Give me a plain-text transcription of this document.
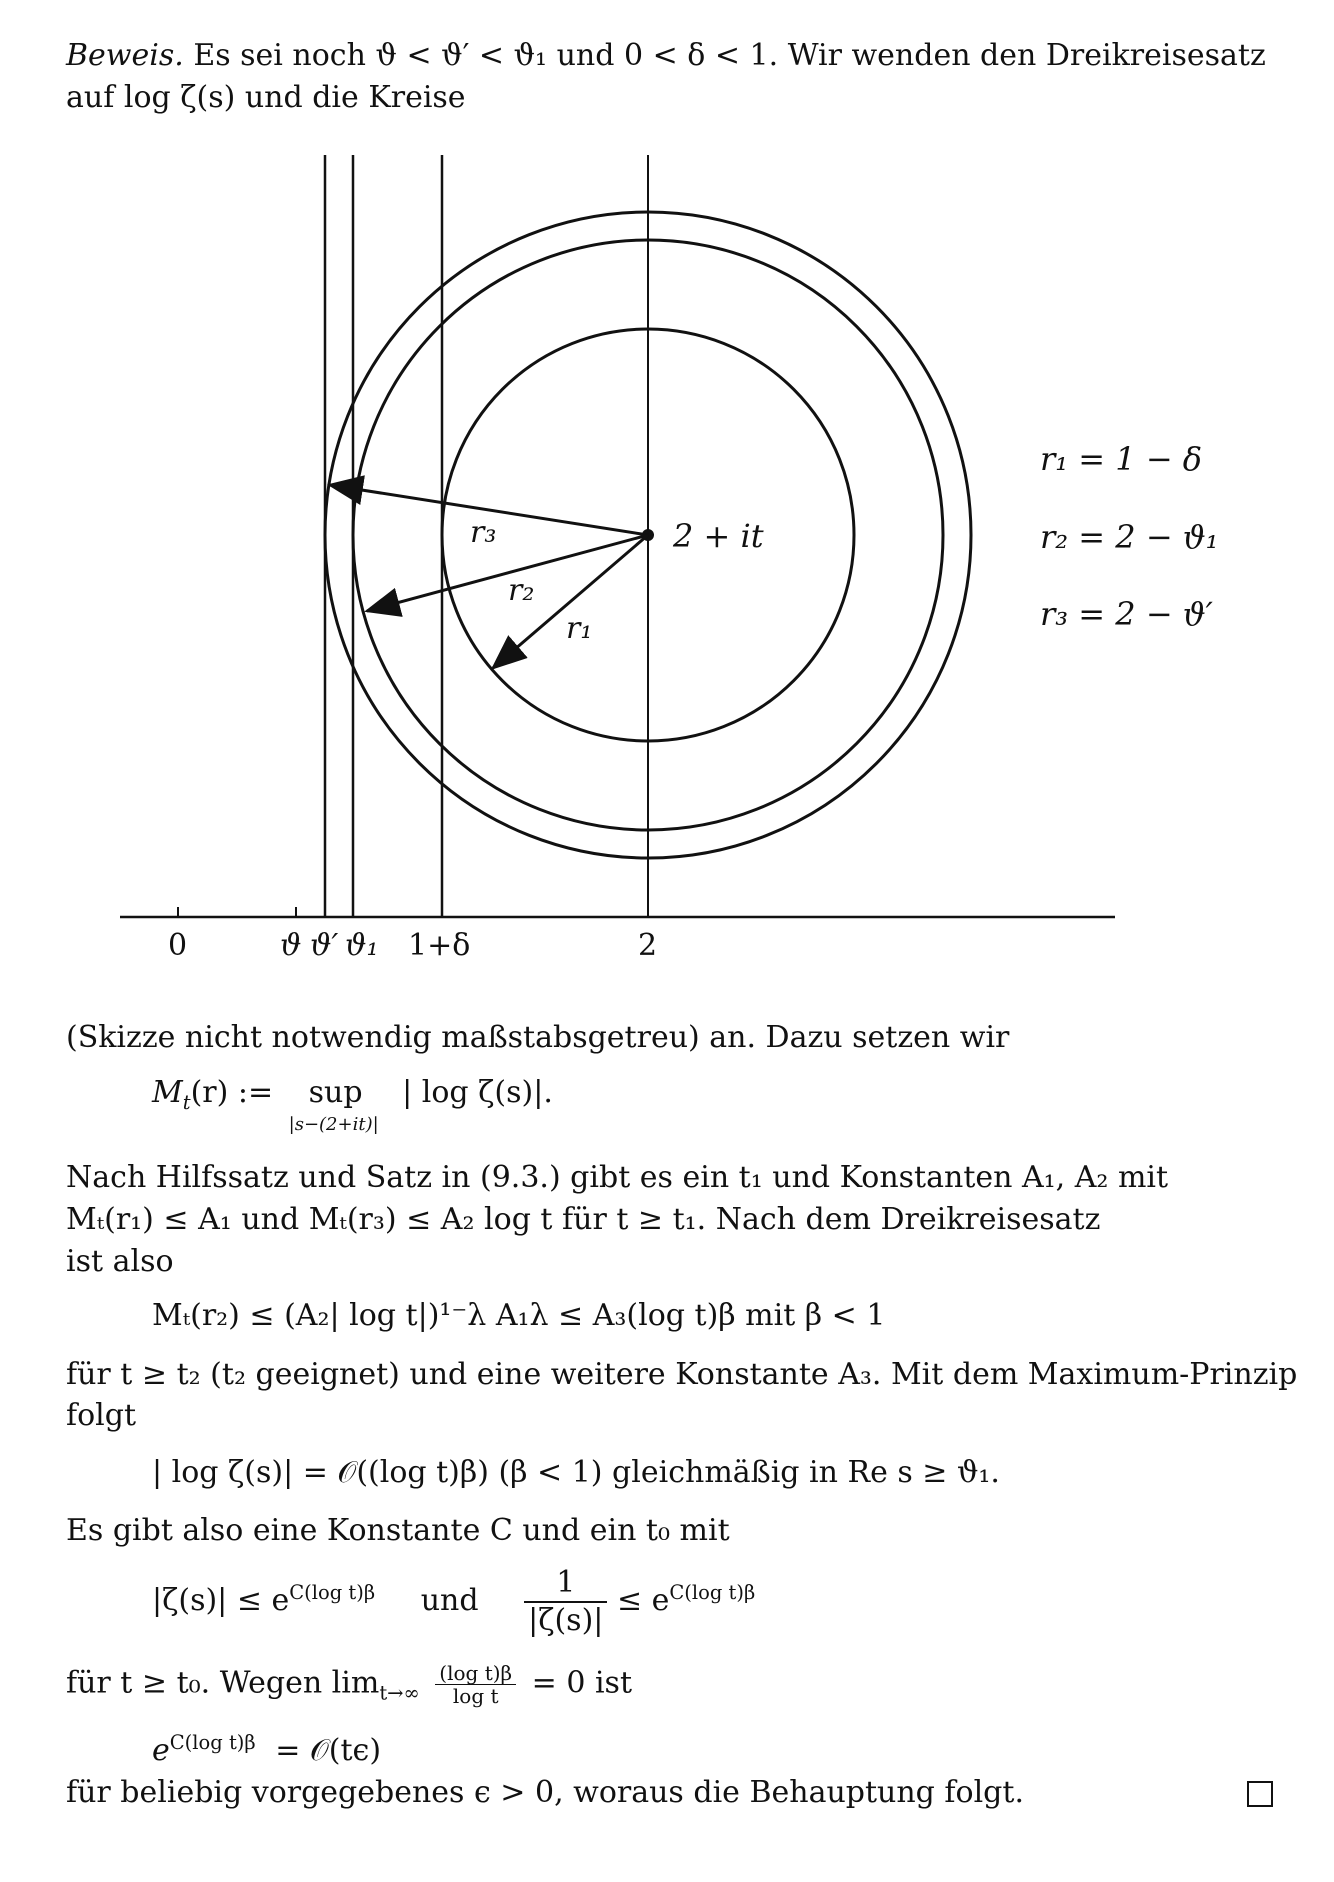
Beweis. Es sei noch ϑ < ϑ′ < ϑ₁ und 0 < δ < 1. Wir wenden den Dreikreisesatz
auf log ζ(s) und die Kreise
2 + it
r₃
r₂
r₁
r₁ = 1 − δ
r₂ = 2 − ϑ₁
r₃ = 2 − ϑ′
0	ϑ ϑ′ ϑ₁ 1+δ	2
(Skizze nicht notwendig maßstabsgetreu) an. Dazu setzen wir
$M_t(r)$ := sup
|s−(2+it)|
| log ζ(s)|.
Nach Hilfssatz und Satz in (9.3.) gibt es ein t₁ und Konstanten A₁, A₂ mit
Mₜ(r₁) ≤ A₁ und Mₜ(r₃) ≤ A₂ log t für t ≥ t₁. Nach dem Dreikreisesatz
ist also
Mₜ(r₂) ≤ (A₂| log t|)¹⁻λ A₁λ ≤ A₃(log t)β mit β < 1
für t ≥ t₂ (t₂ geeignet) und eine weitere Konstante A₃. Mit dem Maximum-Prinzip
folgt
| log ζ(s)| = 𝒪((log t)β) (β < 1) gleichmäßig in Re s ≥ ϑ₁.
Es gibt also eine Konstante C und ein t₀ mit
$|\zeta(s)| \le e^{C(log t)\beta}$ und $\frac{1}{|\zeta(s)|} \le e^{C(log t)\beta}$
für t ≥ t₀. Wegen $\lim_{t\to\infty} \frac{\text{(log t)β}}{\text{log t}} = 0$ ist
$e^{C(log t)\beta}$ = 𝒪(tϵ)
für beliebig vorgegebenes ϵ > 0, woraus die Behauptung folgt.
